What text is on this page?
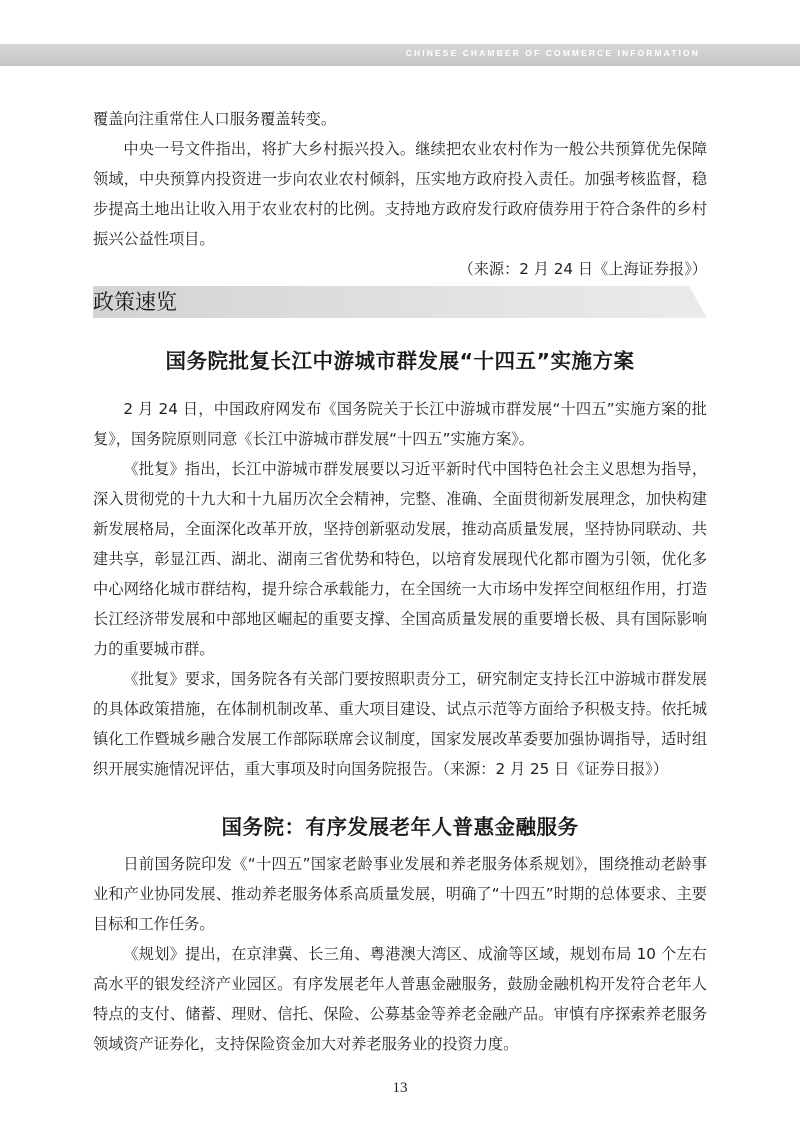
CHINESE CHAMBER OF COMMERCE INFORMATION

覆盖向注重常住人口服务覆盖转变。

中央一号文件指出，将扩大乡村振兴投入。继续把农业农村作为一般公共预算优先保障领域，中央预算内投资进一步向农业农村倾斜，压实地方政府投入责任。加强考核监督，稳步提高土地出让收入用于农业农村的比例。支持地方政府发行政府债券用于符合条件的乡村振兴公益性项目。

（来源：2 月 24 日《上海证券报》）
政策速览
国务院批复长江中游城市群发展“十四五”实施方案

2 月 24 日，中国政府网发布《国务院关于长江中游城市群发展“十四五”实施方案的批复》，国务院原则同意《长江中游城市群发展“十四五”实施方案》。

《批复》指出，长江中游城市群发展要以习近平新时代中国特色社会主义思想为指导，深入贯彻党的十九大和十九届历次全会精神，完整、准确、全面贯彻新发展理念，加快构建新发展格局，全面深化改革开放，坚持创新驱动发展，推动高质量发展，坚持协同联动、共建共享，彰显江西、湖北、湖南三省优势和特色，以培育发展现代化都市圈为引领，优化多中心网络化城市群结构，提升综合承载能力，在全国统一大市场中发挥空间枢纽作用，打造长江经济带发展和中部地区崛起的重要支撑、全国高质量发展的重要增长极、具有国际影响力的重要城市群。

《批复》要求，国务院各有关部门要按照职责分工，研究制定支持长江中游城市群发展的具体政策措施，在体制机制改革、重大项目建设、试点示范等方面给予积极支持。依托城镇化工作暨城乡融合发展工作部际联席会议制度，国家发展改革委要加强协调指导，适时组织开展实施情况评估，重大事项及时向国务院报告。（来源：2 月 25 日《证券日报》）

国务院：有序发展老年人普惠金融服务

日前国务院印发《“十四五”国家老龄事业发展和养老服务体系规划》，围绕推动老龄事业和产业协同发展、推动养老服务体系高质量发展，明确了“十四五”时期的总体要求、主要目标和工作任务。

《规划》提出，在京津冀、长三角、粤港澳大湾区、成渝等区域，规划布局 10 个左右高水平的银发经济产业园区。有序发展老年人普惠金融服务，鼓励金融机构开发符合老年人特点的支付、储蓄、理财、信托、保险、公募基金等养老金融产品。审慎有序探索养老服务领域资产证券化，支持保险资金加大对养老服务业的投资力度。

13
